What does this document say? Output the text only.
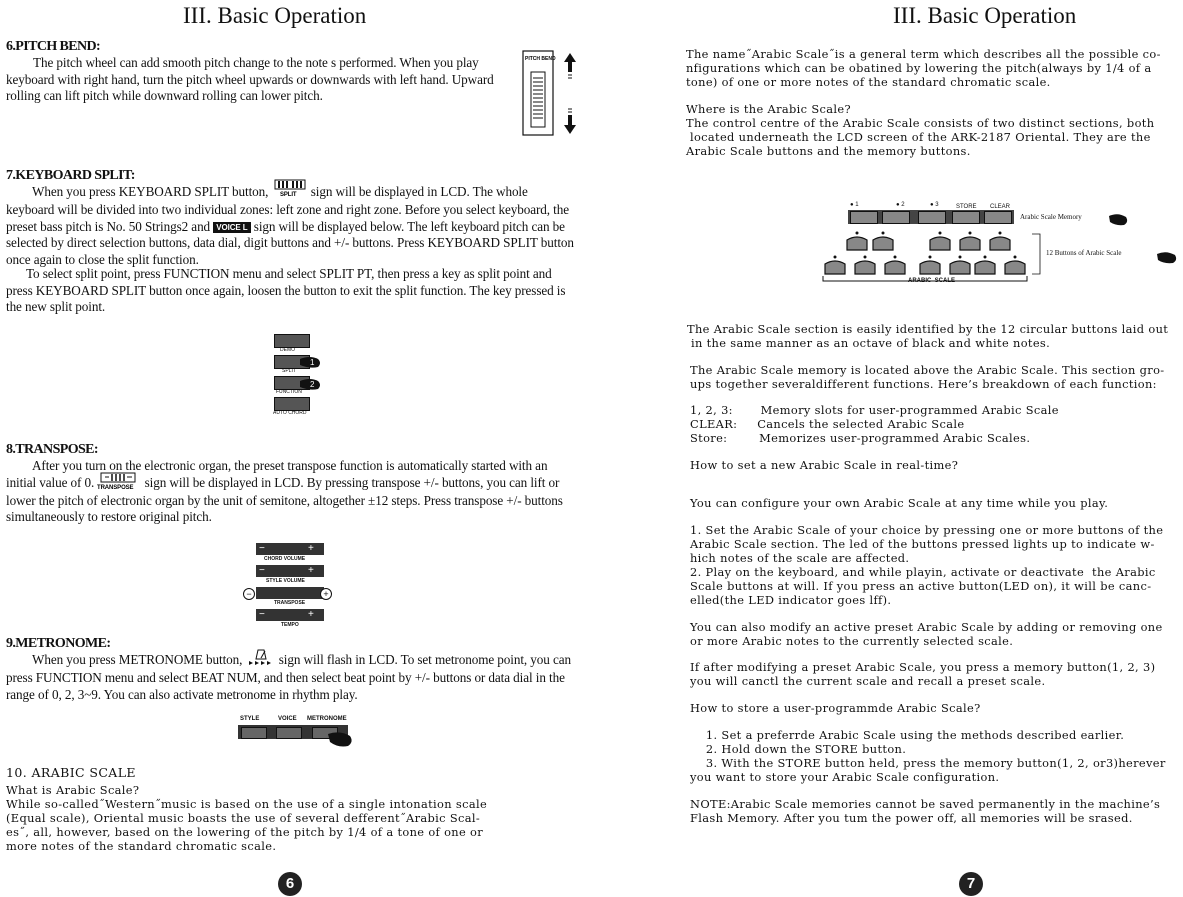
III. Basic Operation
6.PITCH BEND:
The pitch wheel can add smooth pitch change to the note s performed. When you play keyboard with right hand, turn the pitch wheel upwards or downwards with left hand. Upward rolling can lift pitch while downward rolling can lower pitch.
PITCH BEND
7.KEYBOARD SPLIT:
When you press KEYBOARD SPLIT button, SPLIT sign will be displayed in LCD. The whole keyboard will be divided into two individual zones: left zone and right zone. Before you select keyboard, the preset bass pitch is No. 50 Strings2 and VOICE L sign will be displayed below. The left keyboard pitch can be selected by direct selection buttons, data dial, digit buttons and +/- buttons. Press KEYBOARD SPLIT button once again to close the split function.
To select split point, press FUNCTION menu and select SPLIT PT, then press a key as split point and press KEYBOARD SPLIT button once again, loosen the button to exit the split function. The key pressed is the new split point.
DEMO
SPLIT
FUNCTION
AUTO CHORD
1
2
8.TRANSPOSE:
After you turn on the electronic organ, the preset transpose function is automatically started with an initial value of 0. TRANSPOSE sign will be displayed in LCD. By pressing transpose +/- buttons, you can lift or lower the pitch of electronic organ by the unit of semitone, altogether ±12 steps. Press transpose +/- buttons simultaneously to restore original pitch.
−	+
CHORD VOLUME
−	+
STYLE VOLUME
−	+
TRANSPOSE
−	+
TEMPO
9.METRONOME:
When you press METRONOME button,	sign will flash in LCD. To set metronome point, you can press FUNCTION menu and select BEAT NUM, and then select beat point by +/- buttons or data dial in the range of 0, 2, 3~9. You can also activate metronome in rhythm play.
STYLE	VOICE METRONOME
10. ARABIC SCALE
What is Arabic Scale?
While so-called˝Western˝music is based on the use of a single intonation scale
(Equal scale), Oriental music boasts the use of several defferent˝Arabic Scal-
es˝, all, however, based on the lowering of the pitch by 1/4 of a tone of one or
more notes of the standard chromatic scale.
6
III. Basic Operation
The name˝Arabic Scale˝is a general term which describes all the possible co-
nfigurations which can be obatined by lowering the pitch(always by 1/4 of a
tone) of one or more notes of the standard chromatic scale.
Where is the Arabic Scale?
The control centre of the Arabic Scale consists of two distinct sections, both
located underneath the LCD screen of the ARK-2187 Oriental. They are the
Arabic Scale buttons and the memory buttons.
● 1	● 2	● 3	STORE CLEAR
Arabic Scale Memory
ARABIC  SCALE
12 Buttons of Arabic Scale
The Arabic Scale section is easily identified by the 12 circular buttons laid out
in the same manner as an octave of black and white notes.
The Arabic Scale memory is located above the Arabic Scale. This section gro-
ups together severaldifferent functions. Here’s breakdown of each function:
1, 2, 3:       Memory slots for user-programmed Arabic Scale
CLEAR:     Cancels the selected Arabic Scale
Store:        Memorizes user-programmed Arabic Scales.
How to set a new Arabic Scale in real-time?
You can configure your own Arabic Scale at any time while you play.
1. Set the Arabic Scale of your choice by pressing one or more buttons of the
Arabic Scale section. The led of the buttons pressed lights up to indicate w-
hich notes of the scale are affected.
2. Play on the keyboard, and while playin, activate or deactivate  the Arabic
Scale buttons at will. If you press an active button(LED on), it will be canc-
elled(the LED indicator goes lff).
You can also modify an active preset Arabic Scale by adding or removing one
or more Arabic notes to the currently selected scale.
If after modifying a preset Arabic Scale, you press a memory button(1, 2, 3)
you will canctl the current scale and recall a preset scale.
How to store a user-programmde Arabic Scale?
1. Set a preferrde Arabic Scale using the methods described earlier.
2. Hold down the STORE button.
3. With the STORE button held, press the memory button(1, 2, or3)herever
you want to store your Arabic Scale configuration.
NOTE:Arabic Scale memories cannot be saved permanently in the machine’s
Flash Memory. After you tum the power off, all memories will be srased.
7
